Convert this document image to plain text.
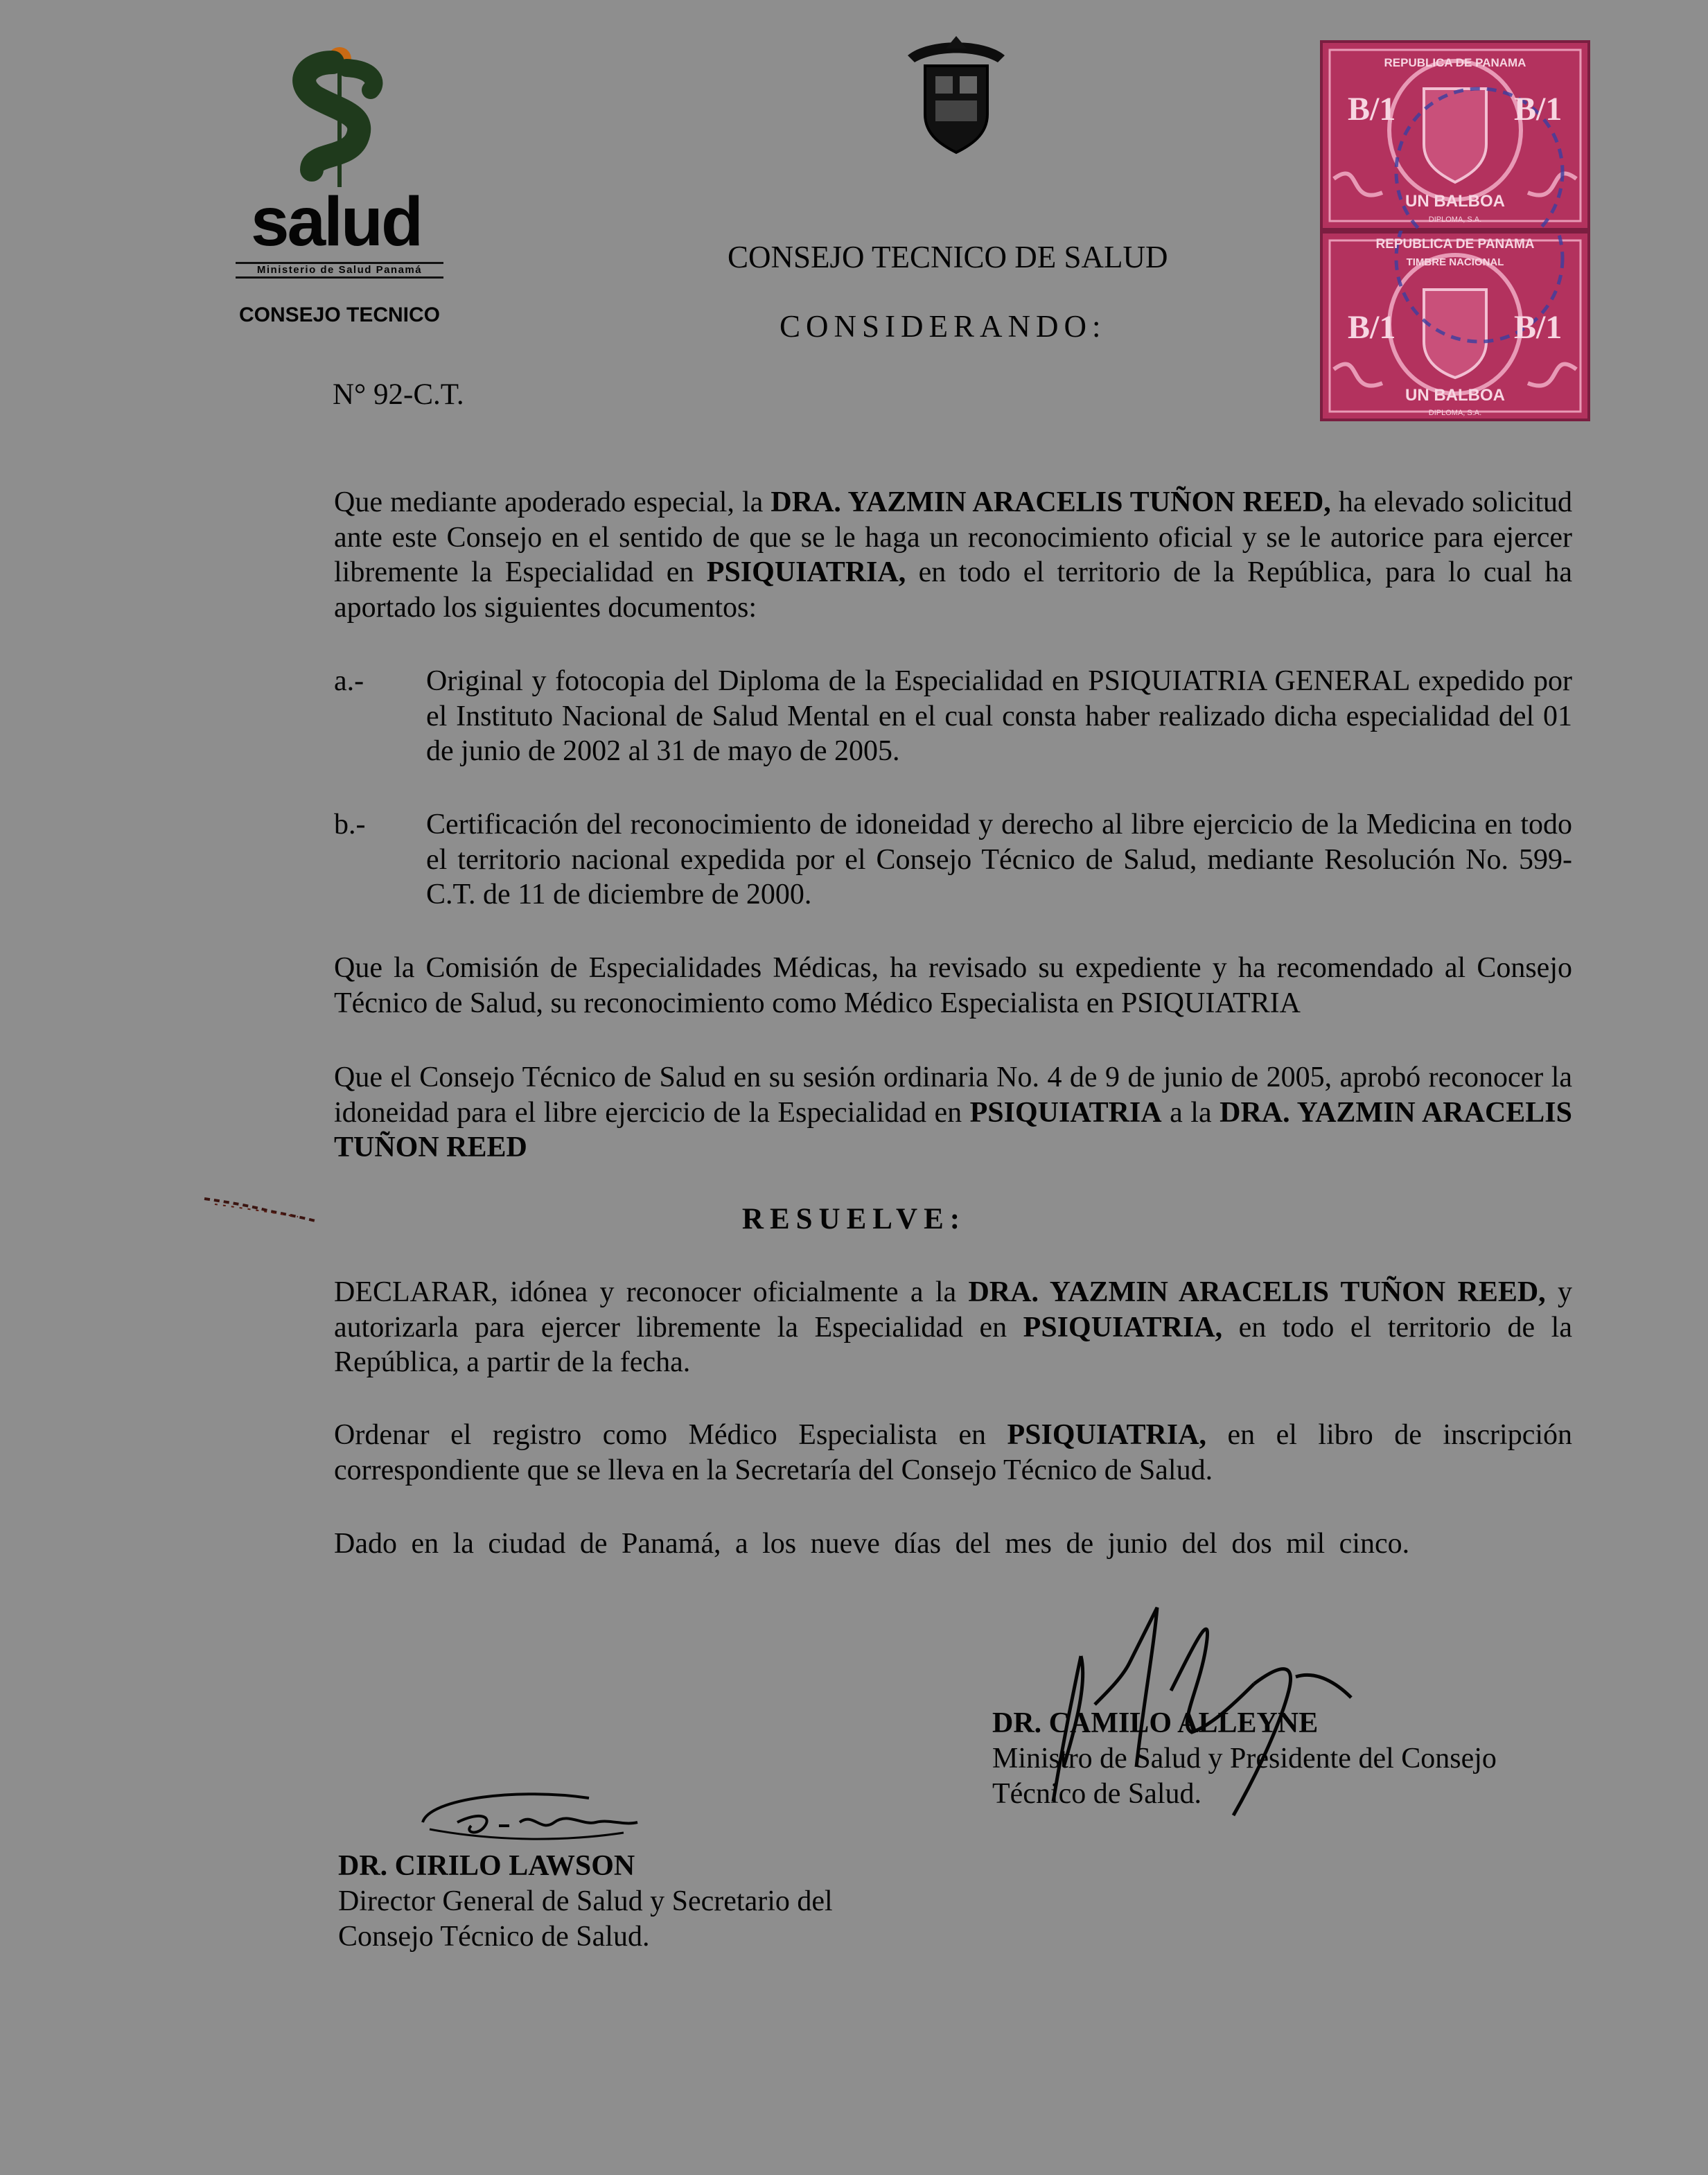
salud
Ministerio de Salud Panamá
CONSEJO TECNICO
B/1	B/1
REPUBLICA DE PANAMA
UN BALBOA
DIPLOMA, S.A.
REPUBLICA DE PANAMA
TIMBRE NACIONAL
B/1	B/1
UN BALBOA
DIPLOMA, S.A.
CONSEJO TECNICO DE SALUD
CONSIDERANDO:
N° 92-C.T.
Que mediante apoderado especial, la DRA. YAZMIN ARACELIS TUÑON REED, ha elevado solicitud ante este Consejo en el sentido de que se le haga un reconocimiento oficial y se le autorice para ejercer libremente la Especialidad en PSIQUIATRIA, en todo el territorio de la República, para lo cual ha aportado los siguientes documentos:
a.- Original y fotocopia del Diploma de la Especialidad en PSIQUIATRIA GENERAL expedido por el Instituto Nacional de Salud Mental en el cual consta haber realizado dicha especialidad del 01 de junio de 2002 al 31 de mayo de 2005.
b.- Certificación del reconocimiento de idoneidad y derecho al libre ejercicio de la Medicina en todo el territorio nacional expedida por el Consejo Técnico de Salud, mediante Resolución No. 599-C.T. de 11 de diciembre de 2000.
Que la Comisión de Especialidades Médicas, ha revisado su expediente y ha recomendado al Consejo Técnico de Salud, su reconocimiento como Médico Especialista en PSIQUIATRIA
Que el Consejo Técnico de Salud en su sesión ordinaria No. 4 de 9 de junio de 2005, aprobó reconocer la idoneidad para el libre ejercicio de la Especialidad en PSIQUIATRIA a la DRA. YAZMIN ARACELIS TUÑON REED
RESUELVE:
DECLARAR, idónea y reconocer oficialmente a la DRA. YAZMIN ARACELIS TUÑON REED, y autorizarla para ejercer libremente la Especialidad en PSIQUIATRIA, en todo el territorio de la República, a partir de la fecha.
Ordenar el registro como Médico Especialista en PSIQUIATRIA, en el libro de inscripción correspondiente que se lleva en la Secretaría del Consejo Técnico de Salud.
Dado en la ciudad de Panamá, a los nueve días del mes de junio del dos mil cinco.
DR. CAMILO ALLEYNE
Ministro de Salud y Presidente del Consejo
Técnico de Salud.
DR. CIRILO LAWSON
Director General de Salud y Secretario del
Consejo Técnico de Salud.
